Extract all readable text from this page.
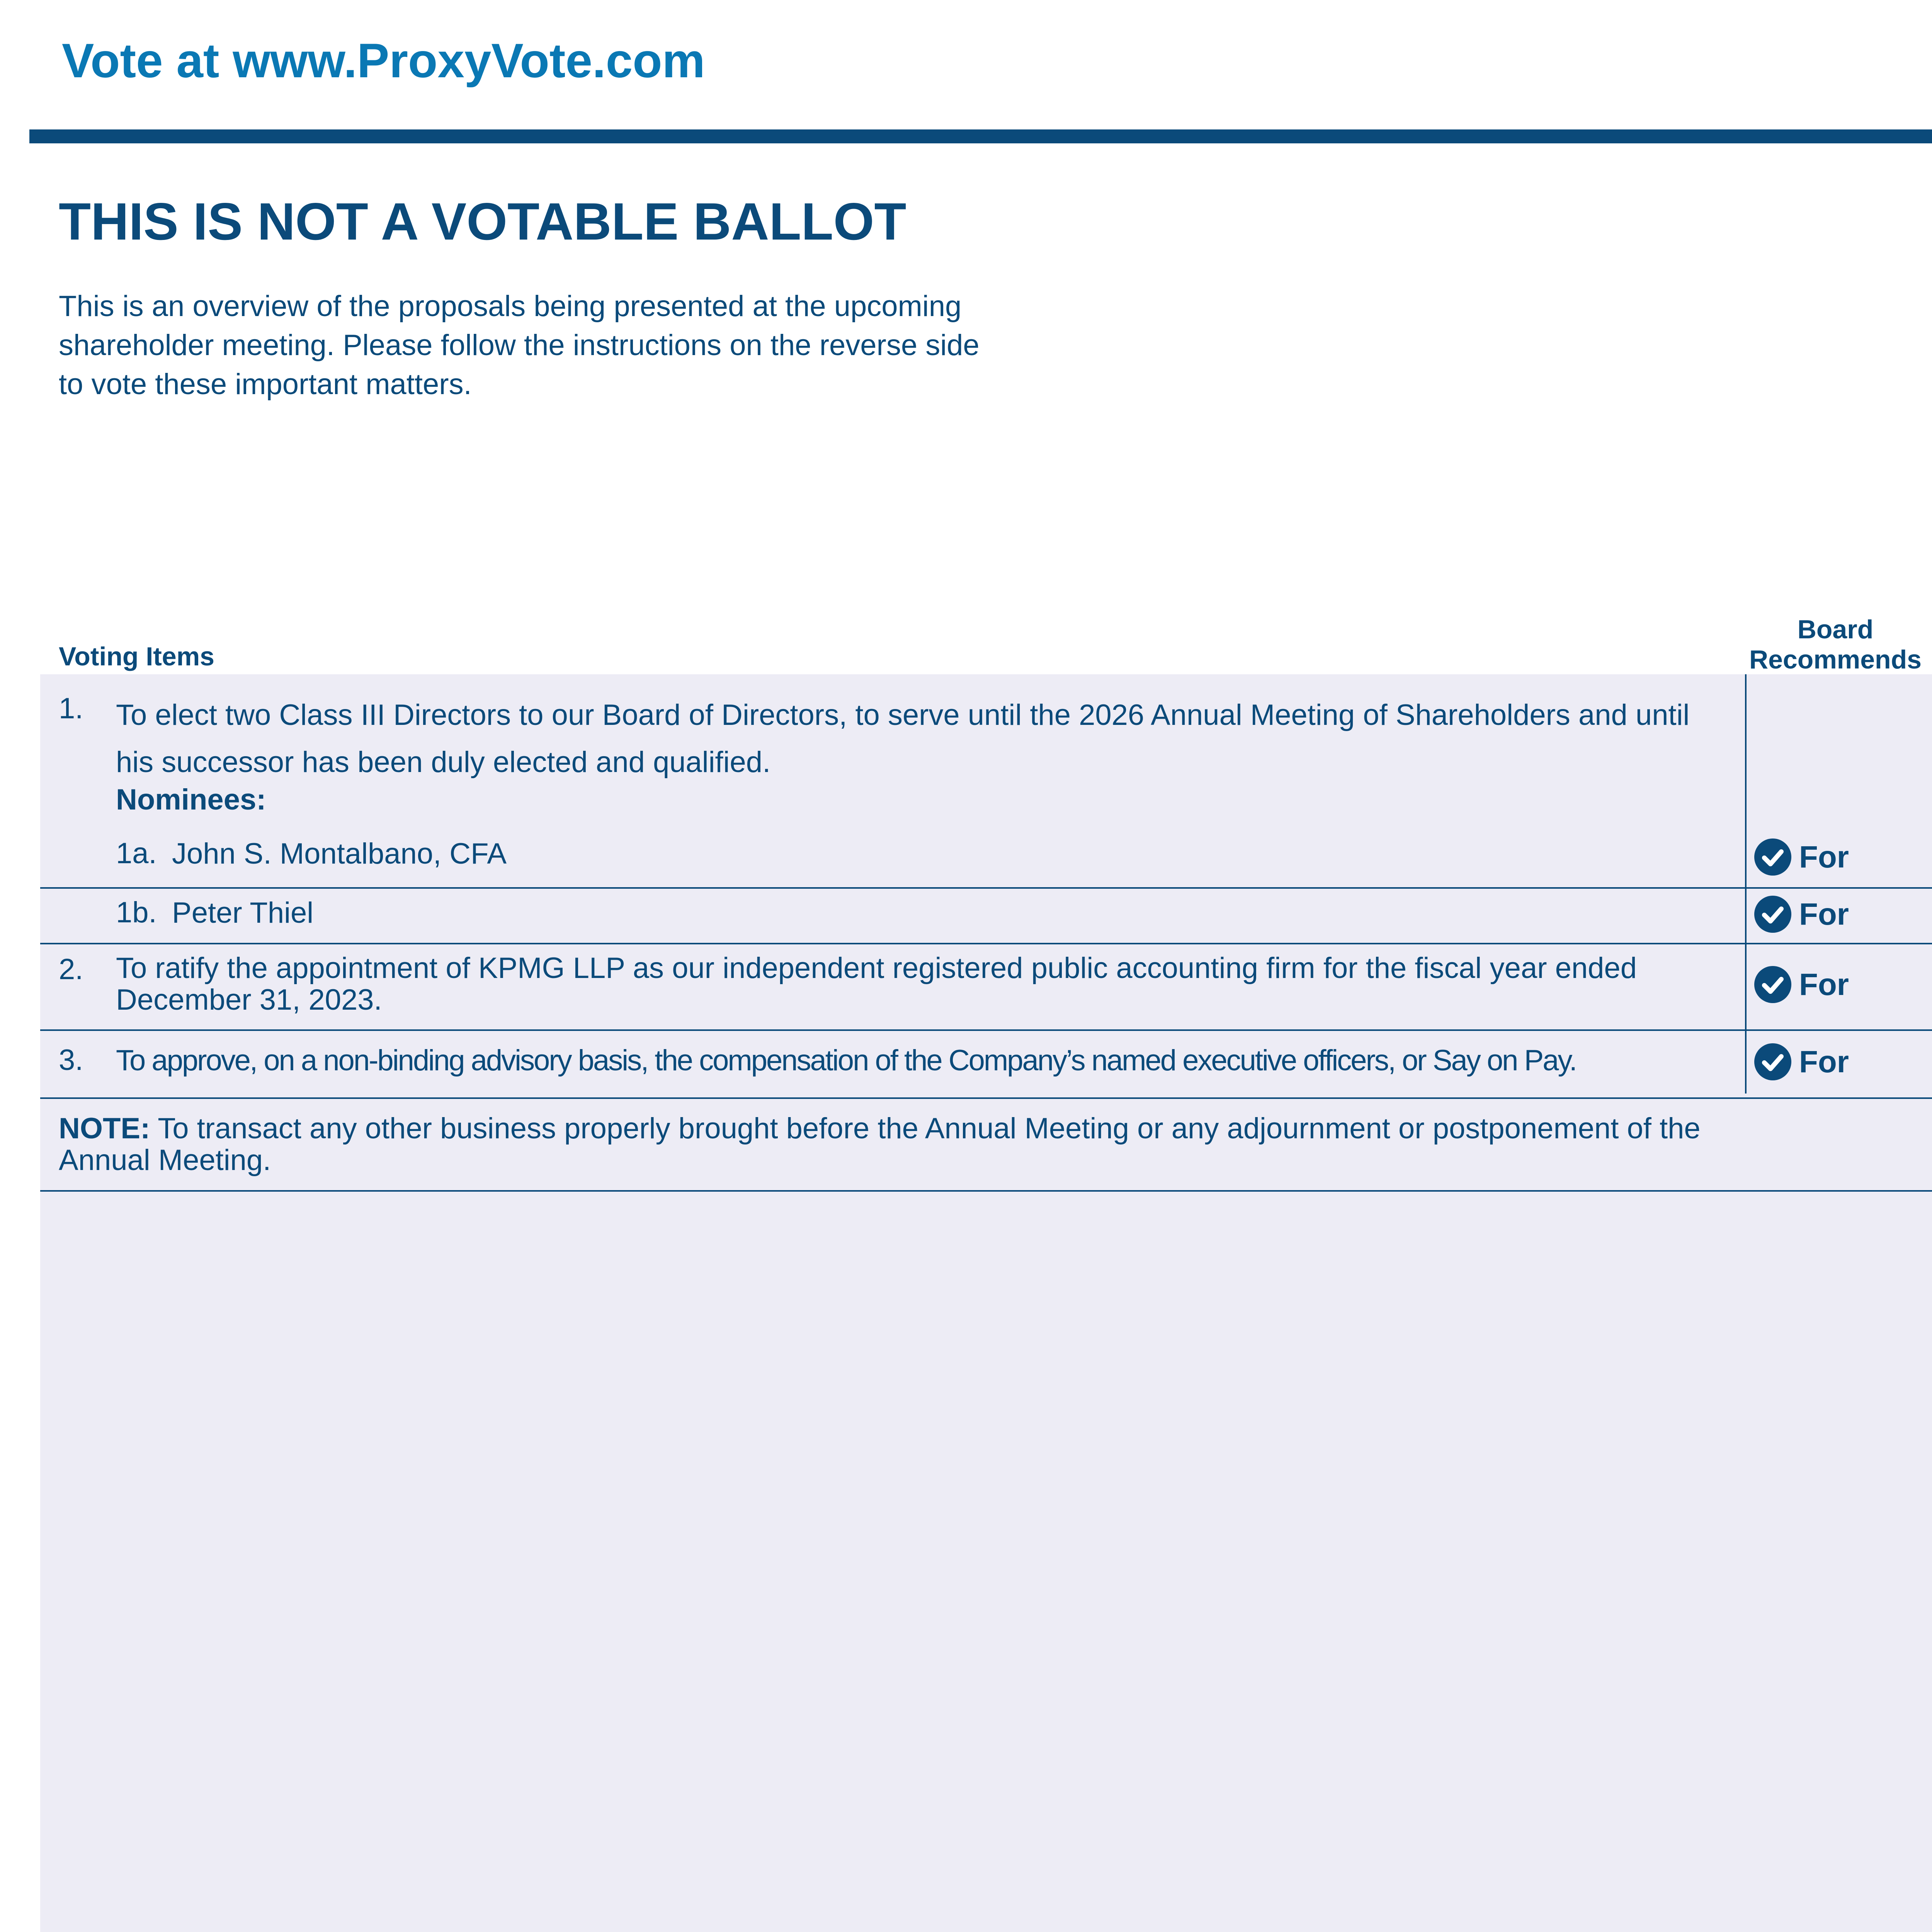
Vote at www.ProxyVote.com
THIS IS NOT A VOTABLE BALLOT
This is an overview of the proposals being presented at the upcoming shareholder meeting. Please follow the instructions on the reverse side to vote these important matters.
Voting Items
Board Recommends
1. To elect two Class III Directors to our Board of Directors, to serve until the 2026 Annual Meeting of Shareholders and until his successor has been duly elected and qualified.
Nominees:
1a. John S. Montalbano, CFA	For
1b. Peter Thiel	For
2. To ratify the appointment of KPMG LLP as our independent registered public accounting firm for the fiscal year ended December 31, 2023.	For
3. To approve, on a non-binding advisory basis, the compensation of the Company’s named executive officers, or Say on Pay.	For
NOTE: To transact any other business properly brought before the Annual Meeting or any adjournment or postponement of the Annual Meeting.
